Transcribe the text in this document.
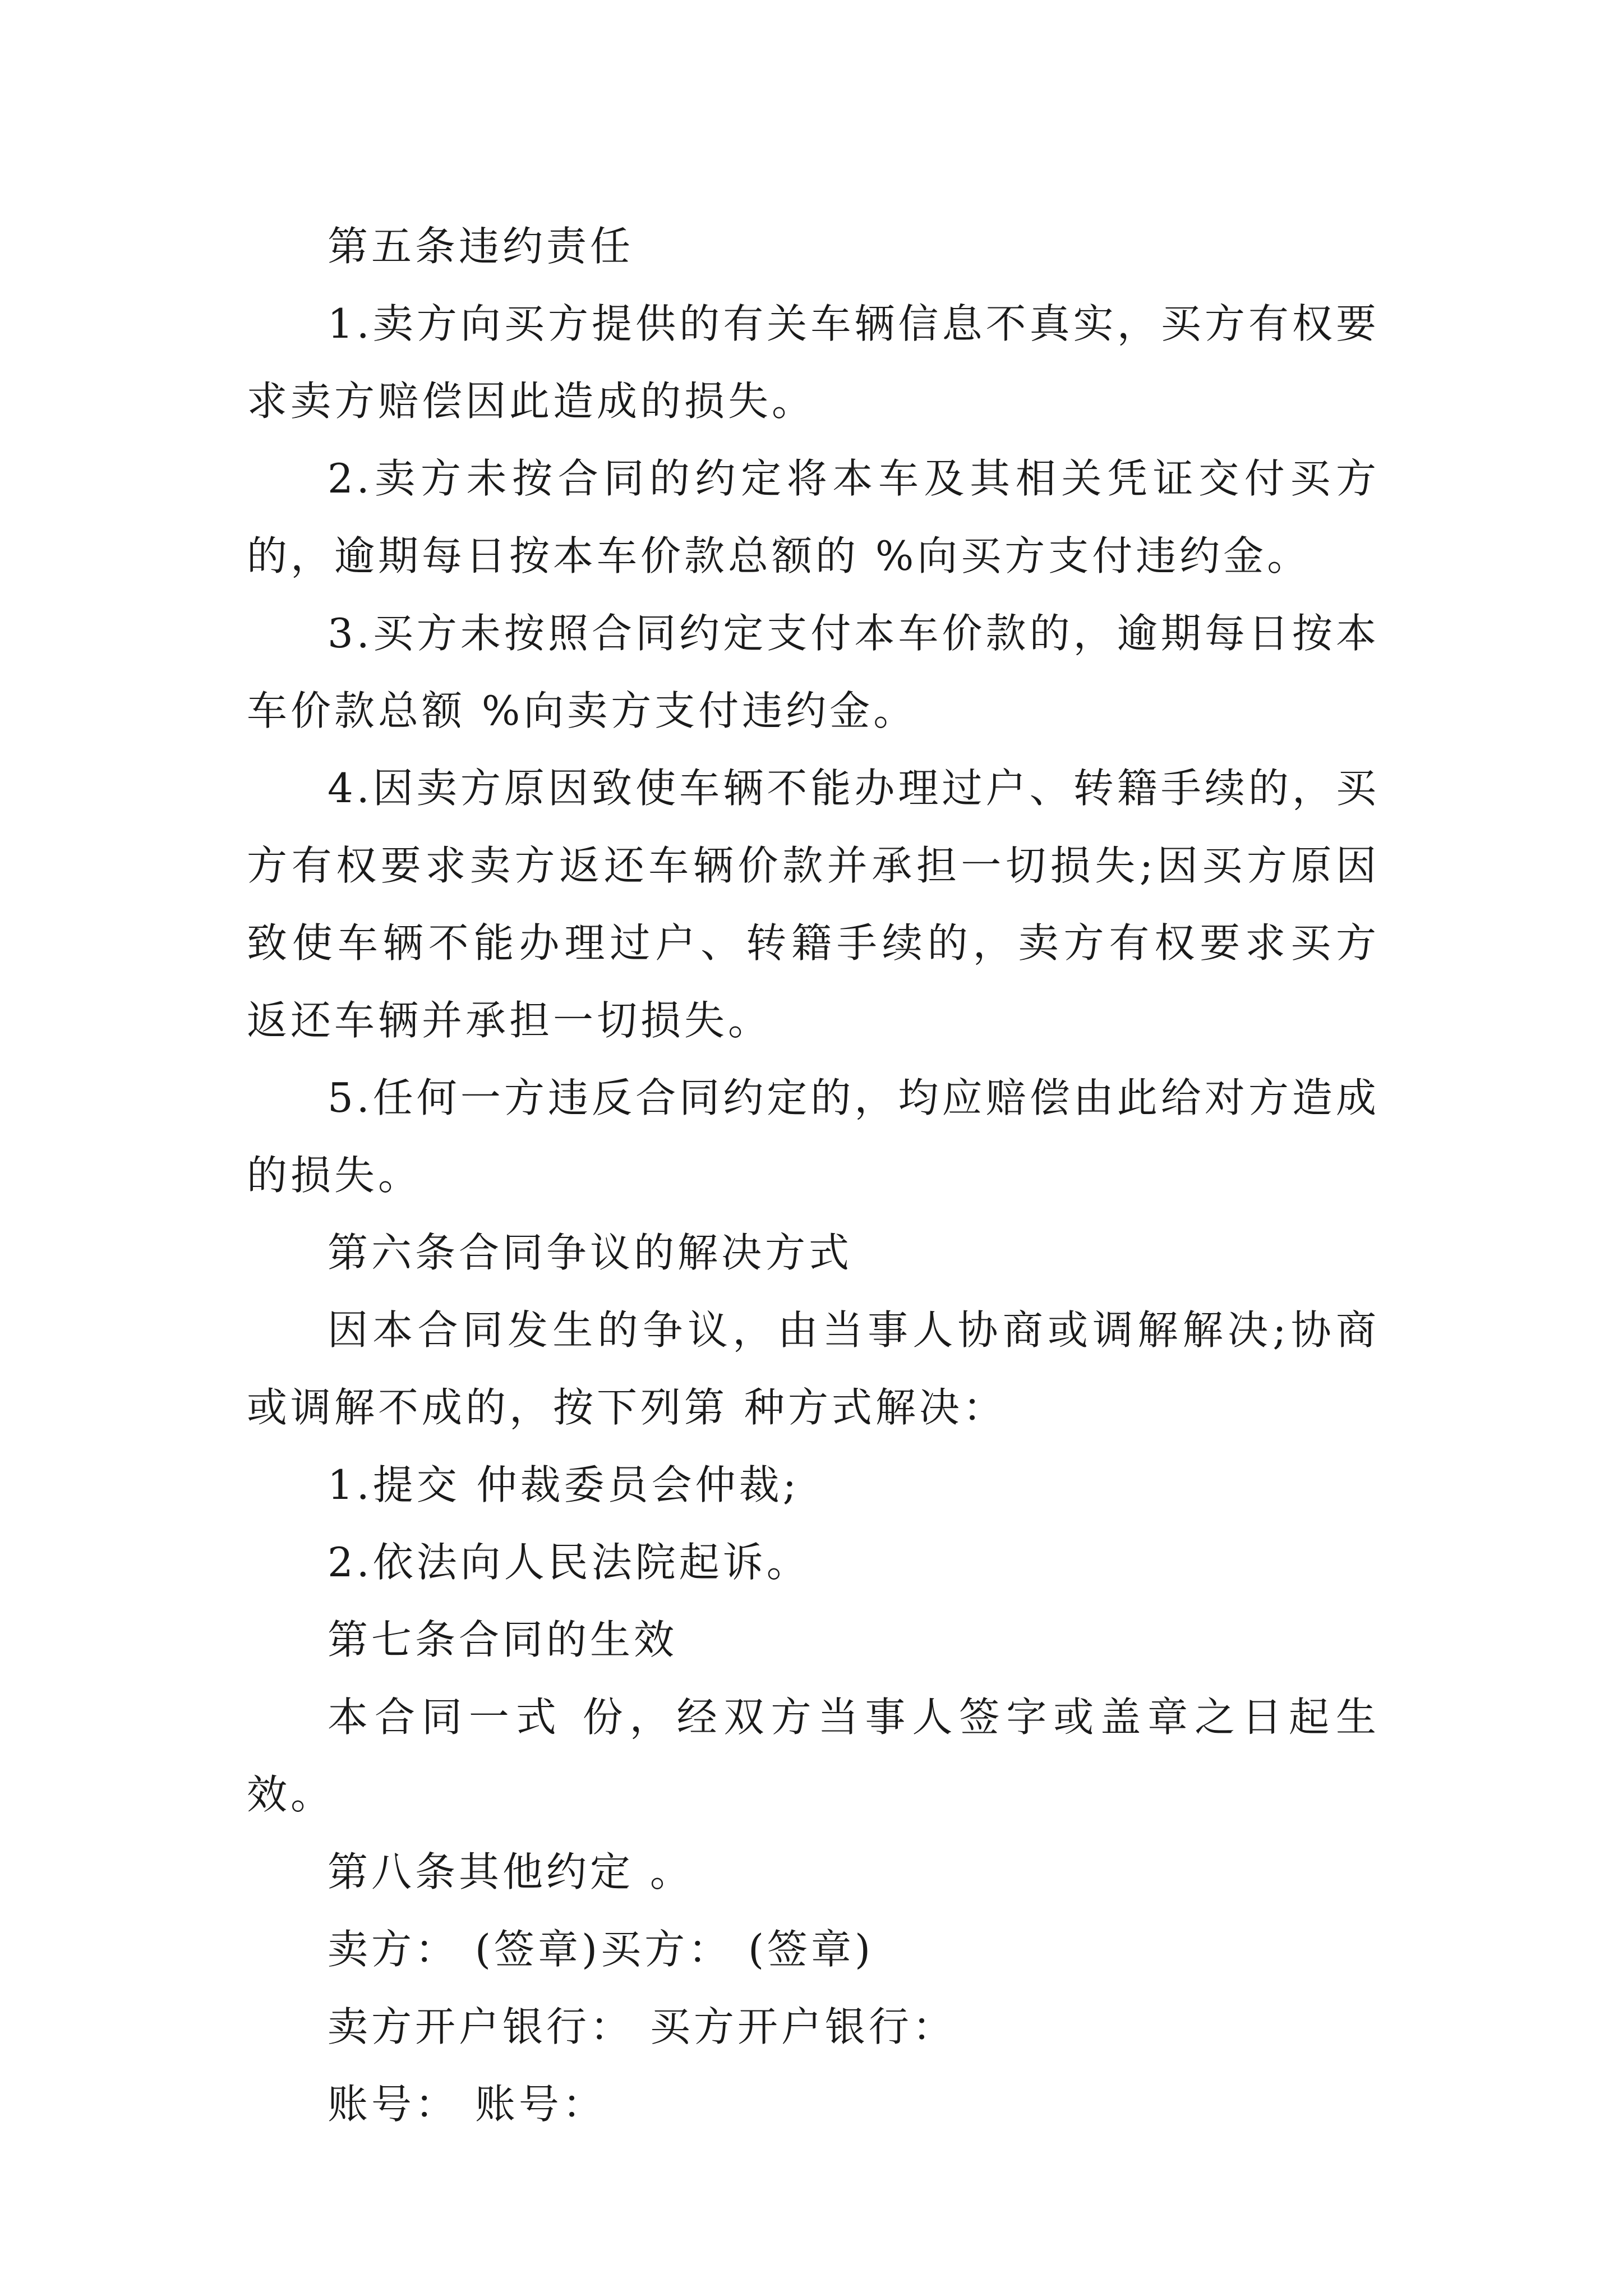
第五条违约责任

1.卖方向买方提供的有关车辆信息不真实，买方有权要求卖方赔偿因此造成的损失。

2.卖方未按合同的约定将本车及其相关凭证交付买方的，逾期每日按本车价款总额的 %向买方支付违约金。

3.买方未按照合同约定支付本车价款的，逾期每日按本车价款总额 %向卖方支付违约金。

4.因卖方原因致使车辆不能办理过户、转籍手续的，买方有权要求卖方返还车辆价款并承担一切损失;因买方原因致使车辆不能办理过户、转籍手续的，卖方有权要求买方返还车辆并承担一切损失。

5.任何一方违反合同约定的，均应赔偿由此给对方造成的损失。

第六条合同争议的解决方式

因本合同发生的争议，由当事人协商或调解解决;协商或调解不成的，按下列第 种方式解决：

1.提交 仲裁委员会仲裁;

2.依法向人民法院起诉。

第七条合同的生效

本合同一式 份，经双方当事人签字或盖章之日起生效。

第八条其他约定 。

卖方： (签章)买方： (签章)

卖方开户银行： 买方开户银行：

账号： 账号：
